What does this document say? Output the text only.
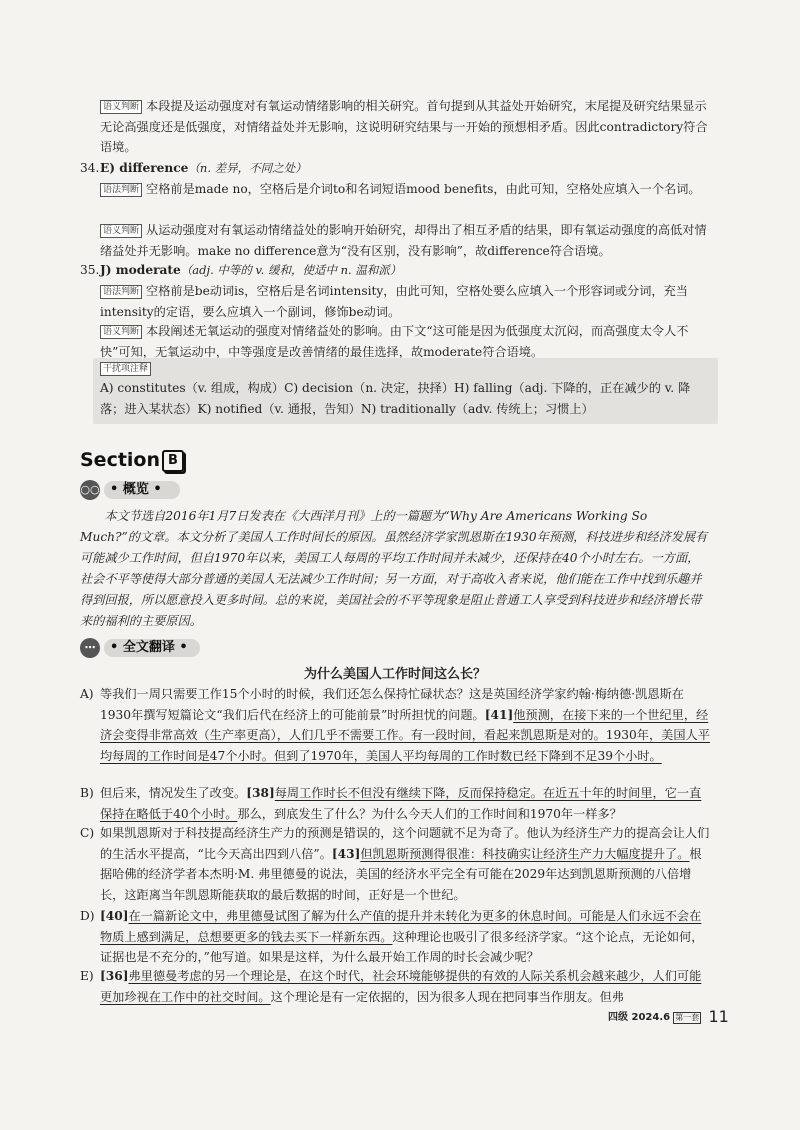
语义判断 本段提及运动强度对有氧运动情绪影响的相关研究。首句提到从其益处开始研究，末尾提及研究结果显示无论高强度还是低强度，对情绪益处并无影响，这说明研究结果与一开始的预想相矛盾。因此contradictory符合语境。
34. E) difference（n. 差异，不同之处）
语法判断 空格前是made no，空格后是介词to和名词短语mood benefits，由此可知，空格处应填入一个名词。
语义判断 从运动强度对有氧运动情绪益处的影响开始研究，却得出了相互矛盾的结果，即有氧运动强度的高低对情绪益处并无影响。make no difference意为“没有区别，没有影响”，故difference符合语境。
35. J) moderate（adj. 中等的 v. 缓和，使适中 n. 温和派）
语法判断 空格前是be动词is，空格后是名词intensity，由此可知，空格处要么应填入一个形容词或分词，充当intensity的定语，要么应填入一个副词，修饰be动词。
语义判断 本段阐述无氧运动的强度对情绪益处的影响。由下文“这可能是因为低强度太沉闷，而高强度太令人不快”可知，无氧运动中，中等强度是改善情绪的最佳选择，故moderate符合语境。
干扰项注释
A) constitutes（v. 组成，构成）C) decision（n. 决定，抉择）H) falling（adj. 下降的，正在减少的 v. 降落；进入某状态）K) notified（v. 通报，告知）N) traditionally（adv. 传统上；习惯上）
Section B
○○ • 概览 •
本文节选自2016年1月7日发表在《大西洋月刊》上的一篇题为“Why Are Americans Working So Much?”的文章。本文分析了美国人工作时间长的原因。虽然经济学家凯恩斯在1930年预测，科技进步和经济发展有可能减少工作时间，但自1970年以来，美国工人每周的平均工作时间并未减少，还保持在40个小时左右。一方面，社会不平等使得大部分普通的美国人无法减少工作时间；另一方面，对于高收入者来说，他们能在工作中找到乐趣并得到回报，所以愿意投入更多时间。总的来说，美国社会的不平等现象是阻止普通工人享受到科技进步和经济增长带来的福利的主要原因。
⋯ • 全文翻译 •
为什么美国人工作时间这么长？
A) 等我们一周只需要工作15个小时的时候，我们还怎么保持忙碌状态？这是英国经济学家约翰·梅纳德·凯恩斯在1930年撰写短篇论文“我们后代在经济上的可能前景”时所担忧的问题。[41]他预测，在接下来的一个世纪里，经济会变得非常高效（生产率更高），人们几乎不需要工作。有一段时间，看起来凯恩斯是对的。1930年，美国人平均每周的工作时间是47个小时。但到了1970年，美国人平均每周的工作时数已经下降到不足39个小时。
B) 但后来，情况发生了改变。[38]每周工作时长不但没有继续下降，反而保持稳定。在近五十年的时间里，它一直保持在略低于40个小时。那么，到底发生了什么？为什么今天人们的工作时间和1970年一样多？
C) 如果凯恩斯对于科技提高经济生产力的预测是错误的，这个问题就不足为奇了。他认为经济生产力的提高会让人们的生活水平提高，“比今天高出四到八倍”。[43]但凯恩斯预测得很准：科技确实让经济生产力大幅度提升了。根据哈佛的经济学者本杰明·M. 弗里德曼的说法，美国的经济水平完全有可能在2029年达到凯恩斯预测的八倍增长，这距离当年凯恩斯能获取的最后数据的时间，正好是一个世纪。
D) [40]在一篇新论文中，弗里德曼试图了解为什么产值的提升并未转化为更多的休息时间。可能是人们永远不会在物质上感到满足，总想要更多的钱去买下一样新东西。这种理论也吸引了很多经济学家。“这个论点，无论如何，证据也是不充分的，”他写道。如果是这样，为什么最开始工作周的时长会减少呢？
E) [36]弗里德曼考虑的另一个理论是，在这个时代，社会环境能够提供的有效的人际关系机会越来越少，人们可能更加珍视在工作中的社交时间。这个理论是有一定依据的，因为很多人现在把同事当作朋友。但弗
四级 2024.6 第一套 11
